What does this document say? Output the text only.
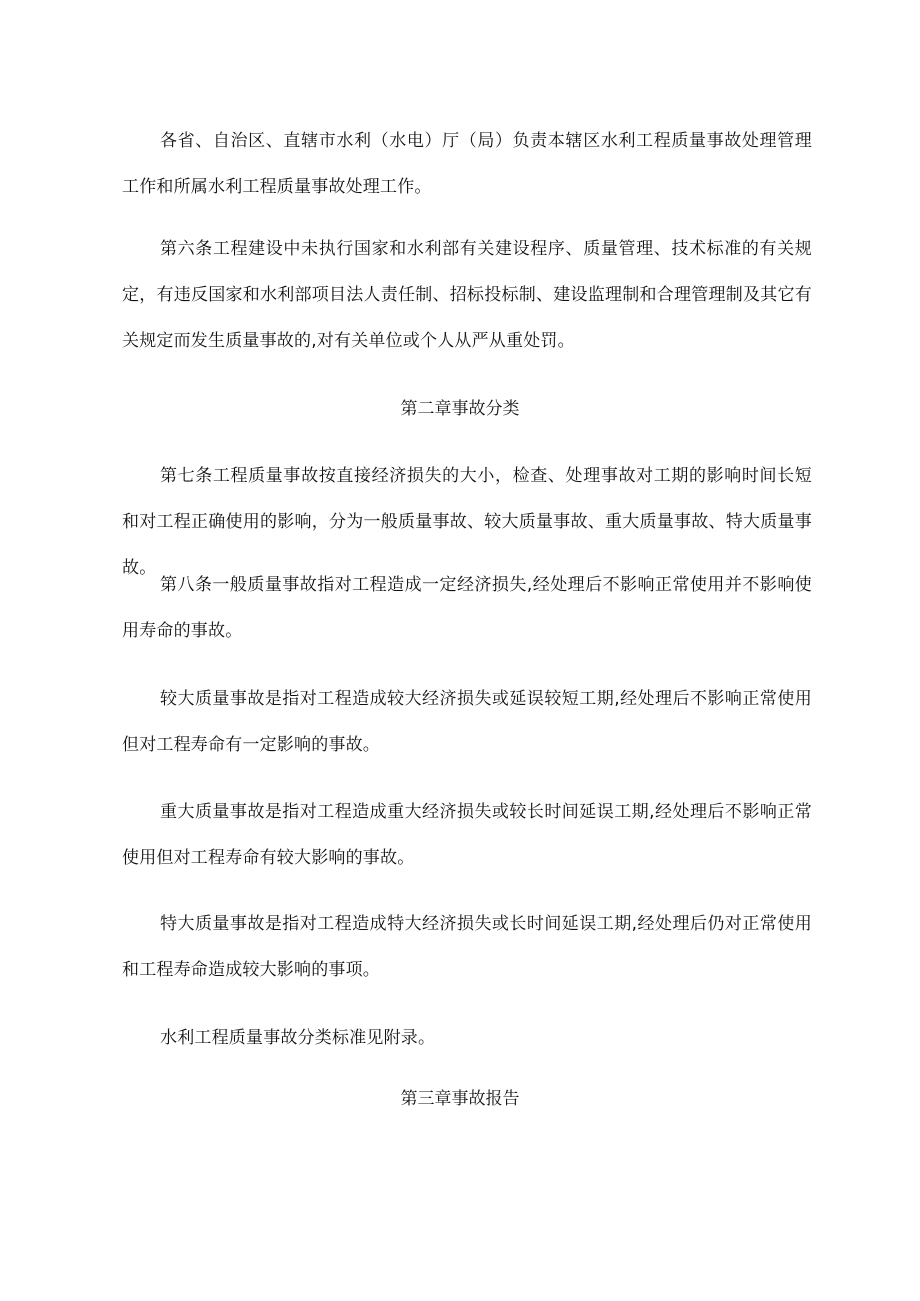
各省、自治区、直辖市水利（水电）厅（局）负责本辖区水利工程质量事故处理管理工作和所属水利工程质量事故处理工作。

第六条工程建设中未执行国家和水利部有关建设程序、质量管理、技术标准的有关规定，有违反国家和水利部项目法人责任制、招标投标制、建设监理制和合理管理制及其它有关规定而发生质量事故的,对有关单位或个人从严从重处罚。

第二章事故分类

第七条工程质量事故按直接经济损失的大小，检查、处理事故对工期的影响时间长短和对工程正确使用的影响，分为一般质量事故、较大质量事故、重大质量事故、特大质量事故。

第八条一般质量事故指对工程造成一定经济损失,经处理后不影响正常使用并不影响使用寿命的事故。

较大质量事故是指对工程造成较大经济损失或延误较短工期,经处理后不影响正常使用但对工程寿命有一定影响的事故。

重大质量事故是指对工程造成重大经济损失或较长时间延误工期,经处理后不影响正常使用但对工程寿命有较大影响的事故。

特大质量事故是指对工程造成特大经济损失或长时间延误工期,经处理后仍对正常使用和工程寿命造成较大影响的事项。

水利工程质量事故分类标准见附录。

第三章事故报告
